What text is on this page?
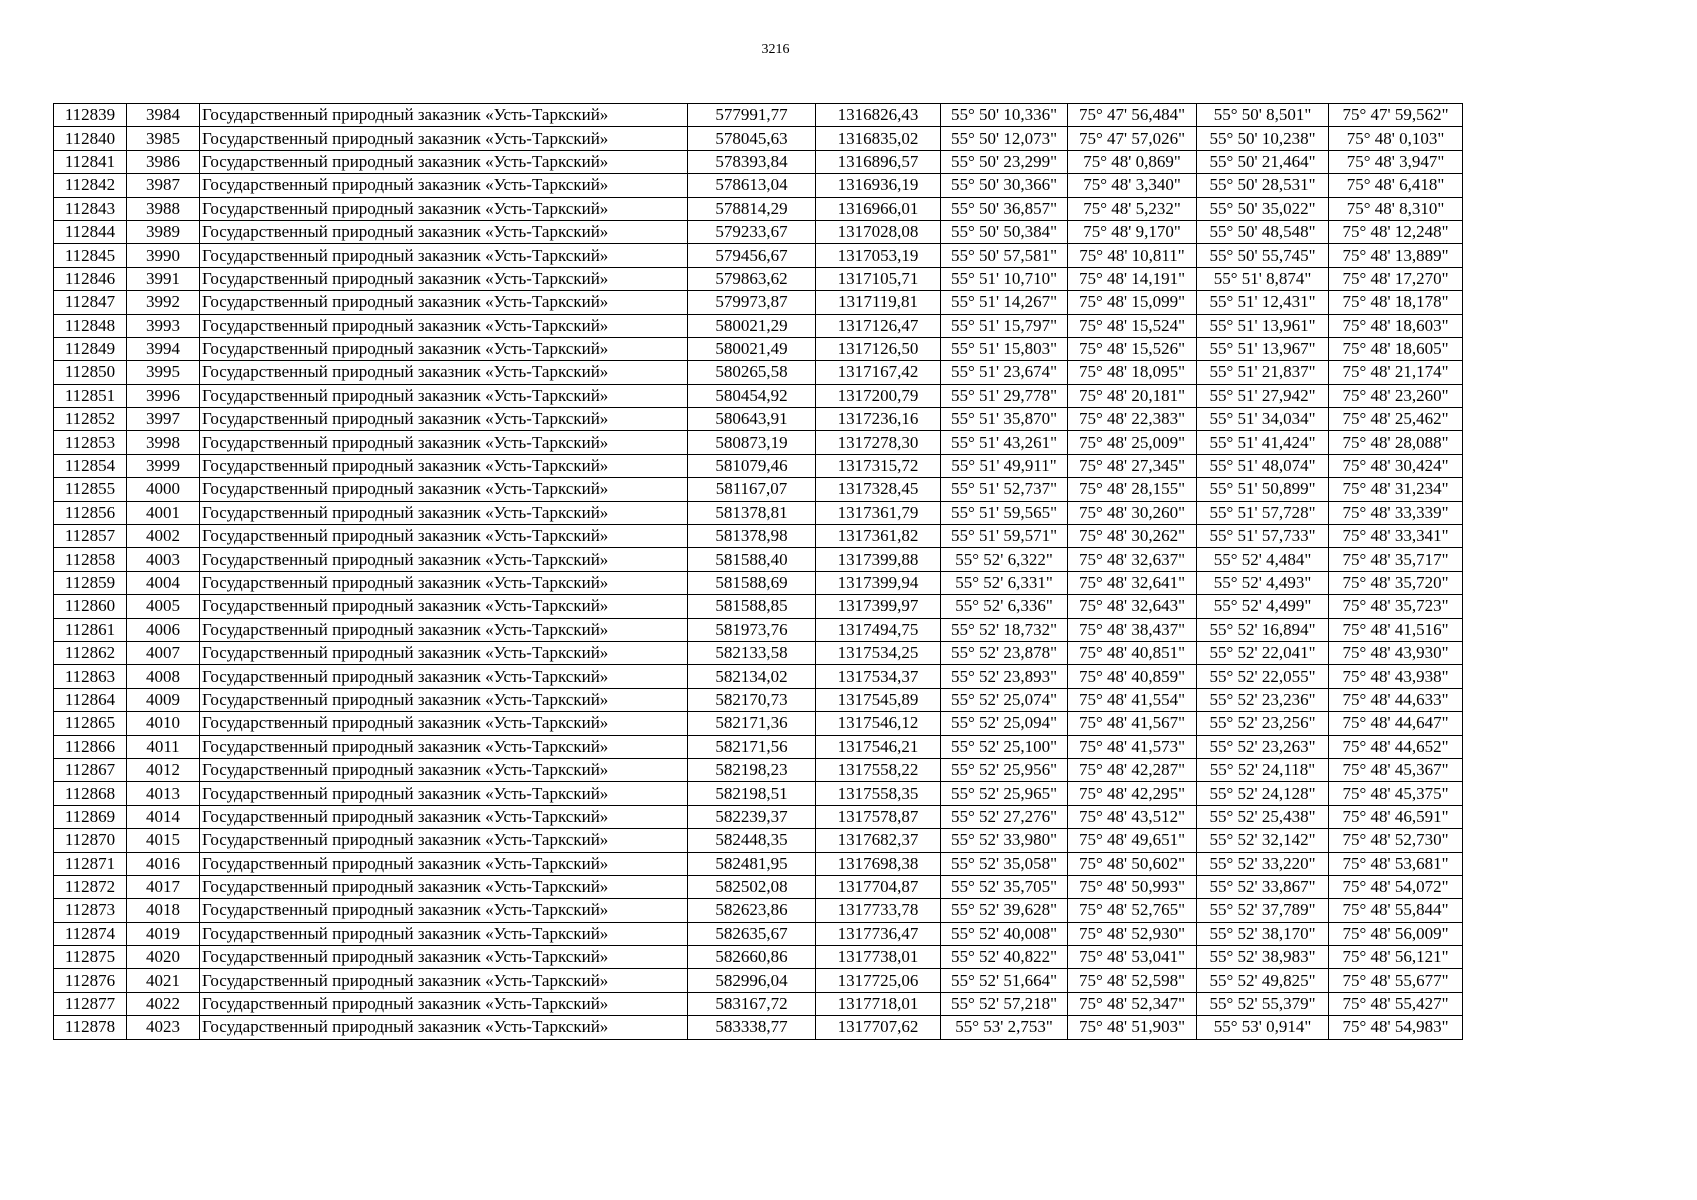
3216
112839	3984	Государственный природный заказник «Усть-Таркский»	577991,77	1316826,43	55° 50' 10,336"	75° 47' 56,484"	55° 50' 8,501"	75° 47' 59,562"
112840	3985	Государственный природный заказник «Усть-Таркский»	578045,63	1316835,02	55° 50' 12,073"	75° 47' 57,026"	55° 50' 10,238"	75° 48' 0,103"
112841	3986	Государственный природный заказник «Усть-Таркский»	578393,84	1316896,57	55° 50' 23,299"	75° 48' 0,869"	55° 50' 21,464"	75° 48' 3,947"
112842	3987	Государственный природный заказник «Усть-Таркский»	578613,04	1316936,19	55° 50' 30,366"	75° 48' 3,340"	55° 50' 28,531"	75° 48' 6,418"
112843	3988	Государственный природный заказник «Усть-Таркский»	578814,29	1316966,01	55° 50' 36,857"	75° 48' 5,232"	55° 50' 35,022"	75° 48' 8,310"
112844	3989	Государственный природный заказник «Усть-Таркский»	579233,67	1317028,08	55° 50' 50,384"	75° 48' 9,170"	55° 50' 48,548"	75° 48' 12,248"
112845	3990	Государственный природный заказник «Усть-Таркский»	579456,67	1317053,19	55° 50' 57,581"	75° 48' 10,811"	55° 50' 55,745"	75° 48' 13,889"
112846	3991	Государственный природный заказник «Усть-Таркский»	579863,62	1317105,71	55° 51' 10,710"	75° 48' 14,191"	55° 51' 8,874"	75° 48' 17,270"
112847	3992	Государственный природный заказник «Усть-Таркский»	579973,87	1317119,81	55° 51' 14,267"	75° 48' 15,099"	55° 51' 12,431"	75° 48' 18,178"
112848	3993	Государственный природный заказник «Усть-Таркский»	580021,29	1317126,47	55° 51' 15,797"	75° 48' 15,524"	55° 51' 13,961"	75° 48' 18,603"
112849	3994	Государственный природный заказник «Усть-Таркский»	580021,49	1317126,50	55° 51' 15,803"	75° 48' 15,526"	55° 51' 13,967"	75° 48' 18,605"
112850	3995	Государственный природный заказник «Усть-Таркский»	580265,58	1317167,42	55° 51' 23,674"	75° 48' 18,095"	55° 51' 21,837"	75° 48' 21,174"
112851	3996	Государственный природный заказник «Усть-Таркский»	580454,92	1317200,79	55° 51' 29,778"	75° 48' 20,181"	55° 51' 27,942"	75° 48' 23,260"
112852	3997	Государственный природный заказник «Усть-Таркский»	580643,91	1317236,16	55° 51' 35,870"	75° 48' 22,383"	55° 51' 34,034"	75° 48' 25,462"
112853	3998	Государственный природный заказник «Усть-Таркский»	580873,19	1317278,30	55° 51' 43,261"	75° 48' 25,009"	55° 51' 41,424"	75° 48' 28,088"
112854	3999	Государственный природный заказник «Усть-Таркский»	581079,46	1317315,72	55° 51' 49,911"	75° 48' 27,345"	55° 51' 48,074"	75° 48' 30,424"
112855	4000	Государственный природный заказник «Усть-Таркский»	581167,07	1317328,45	55° 51' 52,737"	75° 48' 28,155"	55° 51' 50,899"	75° 48' 31,234"
112856	4001	Государственный природный заказник «Усть-Таркский»	581378,81	1317361,79	55° 51' 59,565"	75° 48' 30,260"	55° 51' 57,728"	75° 48' 33,339"
112857	4002	Государственный природный заказник «Усть-Таркский»	581378,98	1317361,82	55° 51' 59,571"	75° 48' 30,262"	55° 51' 57,733"	75° 48' 33,341"
112858	4003	Государственный природный заказник «Усть-Таркский»	581588,40	1317399,88	55° 52' 6,322"	75° 48' 32,637"	55° 52' 4,484"	75° 48' 35,717"
112859	4004	Государственный природный заказник «Усть-Таркский»	581588,69	1317399,94	55° 52' 6,331"	75° 48' 32,641"	55° 52' 4,493"	75° 48' 35,720"
112860	4005	Государственный природный заказник «Усть-Таркский»	581588,85	1317399,97	55° 52' 6,336"	75° 48' 32,643"	55° 52' 4,499"	75° 48' 35,723"
112861	4006	Государственный природный заказник «Усть-Таркский»	581973,76	1317494,75	55° 52' 18,732"	75° 48' 38,437"	55° 52' 16,894"	75° 48' 41,516"
112862	4007	Государственный природный заказник «Усть-Таркский»	582133,58	1317534,25	55° 52' 23,878"	75° 48' 40,851"	55° 52' 22,041"	75° 48' 43,930"
112863	4008	Государственный природный заказник «Усть-Таркский»	582134,02	1317534,37	55° 52' 23,893"	75° 48' 40,859"	55° 52' 22,055"	75° 48' 43,938"
112864	4009	Государственный природный заказник «Усть-Таркский»	582170,73	1317545,89	55° 52' 25,074"	75° 48' 41,554"	55° 52' 23,236"	75° 48' 44,633"
112865	4010	Государственный природный заказник «Усть-Таркский»	582171,36	1317546,12	55° 52' 25,094"	75° 48' 41,567"	55° 52' 23,256"	75° 48' 44,647"
112866	4011	Государственный природный заказник «Усть-Таркский»	582171,56	1317546,21	55° 52' 25,100"	75° 48' 41,573"	55° 52' 23,263"	75° 48' 44,652"
112867	4012	Государственный природный заказник «Усть-Таркский»	582198,23	1317558,22	55° 52' 25,956"	75° 48' 42,287"	55° 52' 24,118"	75° 48' 45,367"
112868	4013	Государственный природный заказник «Усть-Таркский»	582198,51	1317558,35	55° 52' 25,965"	75° 48' 42,295"	55° 52' 24,128"	75° 48' 45,375"
112869	4014	Государственный природный заказник «Усть-Таркский»	582239,37	1317578,87	55° 52' 27,276"	75° 48' 43,512"	55° 52' 25,438"	75° 48' 46,591"
112870	4015	Государственный природный заказник «Усть-Таркский»	582448,35	1317682,37	55° 52' 33,980"	75° 48' 49,651"	55° 52' 32,142"	75° 48' 52,730"
112871	4016	Государственный природный заказник «Усть-Таркский»	582481,95	1317698,38	55° 52' 35,058"	75° 48' 50,602"	55° 52' 33,220"	75° 48' 53,681"
112872	4017	Государственный природный заказник «Усть-Таркский»	582502,08	1317704,87	55° 52' 35,705"	75° 48' 50,993"	55° 52' 33,867"	75° 48' 54,072"
112873	4018	Государственный природный заказник «Усть-Таркский»	582623,86	1317733,78	55° 52' 39,628"	75° 48' 52,765"	55° 52' 37,789"	75° 48' 55,844"
112874	4019	Государственный природный заказник «Усть-Таркский»	582635,67	1317736,47	55° 52' 40,008"	75° 48' 52,930"	55° 52' 38,170"	75° 48' 56,009"
112875	4020	Государственный природный заказник «Усть-Таркский»	582660,86	1317738,01	55° 52' 40,822"	75° 48' 53,041"	55° 52' 38,983"	75° 48' 56,121"
112876	4021	Государственный природный заказник «Усть-Таркский»	582996,04	1317725,06	55° 52' 51,664"	75° 48' 52,598"	55° 52' 49,825"	75° 48' 55,677"
112877	4022	Государственный природный заказник «Усть-Таркский»	583167,72	1317718,01	55° 52' 57,218"	75° 48' 52,347"	55° 52' 55,379"	75° 48' 55,427"
112878	4023	Государственный природный заказник «Усть-Таркский»	583338,77	1317707,62	55° 53' 2,753"	75° 48' 51,903"	55° 53' 0,914"	75° 48' 54,983"
